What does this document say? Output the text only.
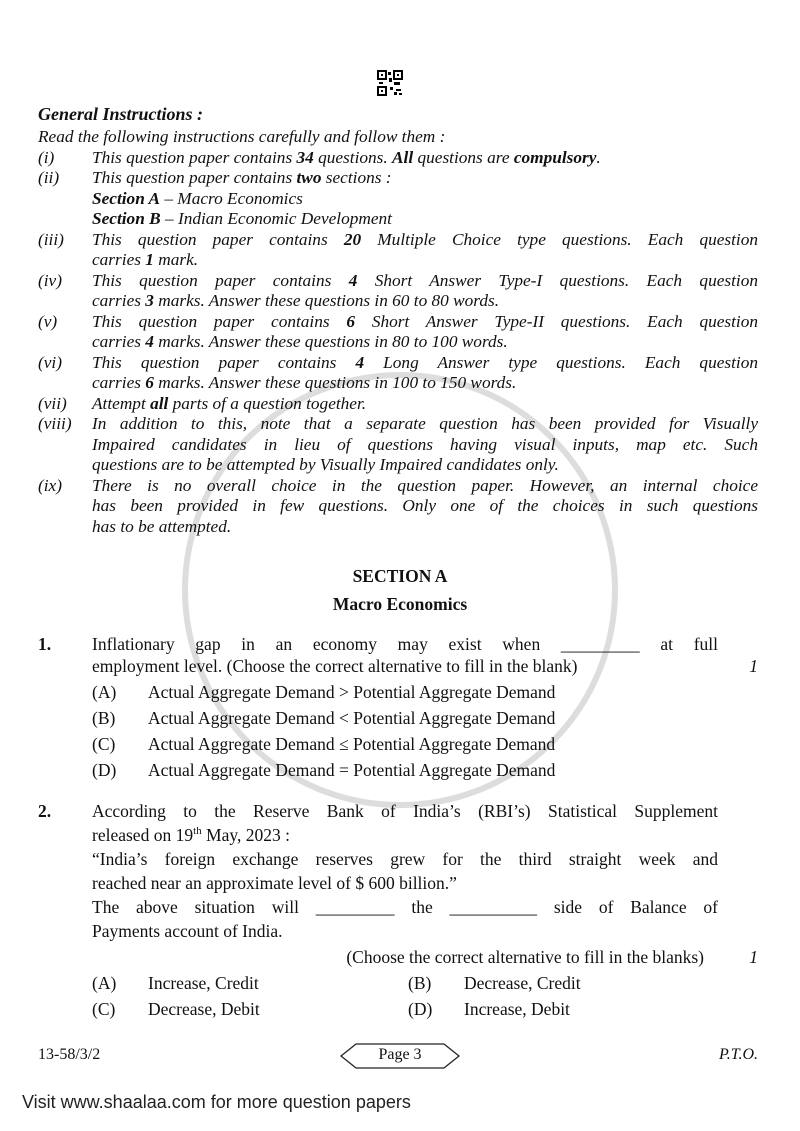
General Instructions :
Read the following instructions carefully and follow them :
(i)	This question paper contains 34 questions. All questions are compulsory.
(ii)	This question paper contains two sections :
Section A – Macro Economics
Section B – Indian Economic Development
(iii)	This question paper contains 20 Multiple Choice type questions. Each question
carries 1 mark.
(iv)	This question paper contains 4 Short Answer Type-I questions. Each question
carries 3 marks. Answer these questions in 60 to 80 words.
(v)	This question paper contains 6 Short Answer Type-II questions. Each question
carries 4 marks. Answer these questions in 80 to 100 words.
(vi)	This question paper contains 4 Long Answer type questions. Each question
carries 6 marks. Answer these questions in 100 to 150 words.
(vii)	Attempt all parts of a question together.
(viii)	In addition to this, note that a separate question has been provided for Visually
Impaired candidates in lieu of questions having visual inputs, map etc. Such
questions are to be attempted by Visually Impaired candidates only.
(ix)	There is no overall choice in the question paper. However, an internal choice
has been provided in few questions. Only one of the choices in such questions
has to be attempted.
SECTION A
Macro Economics
1. Inflationary gap in an economy may exist when _________ at full
employment level. (Choose the correct alternative to fill in the blank)	1
(A) Actual Aggregate Demand > Potential Aggregate Demand
(B) Actual Aggregate Demand < Potential Aggregate Demand
(C) Actual Aggregate Demand ≤ Potential Aggregate Demand
(D) Actual Aggregate Demand = Potential Aggregate Demand
2. According to the Reserve Bank of India’s (RBI’s) Statistical Supplement
released on 19th May, 2023 :
“India’s foreign exchange reserves grew for the third straight week and
reached near an approximate level of $ 600 billion.”
The above situation will _________ the __________ side of Balance of
Payments account of India.
(Choose the correct alternative to fill in the blanks)	1
(A) Increase, Credit	(B) Decrease, Credit
(C) Decrease, Debit	(D) Increase, Debit
13-58/3/2	Page 3	P.T.O.
Visit www.shaalaa.com for more question papers
